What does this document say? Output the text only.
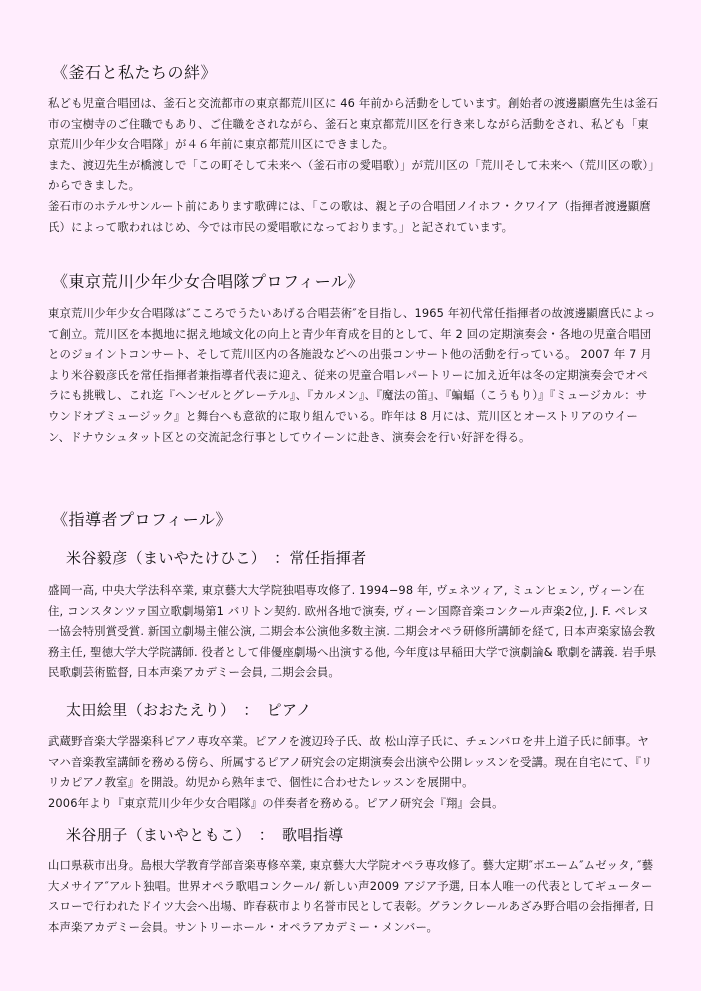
《釜石と私たちの絆》

私ども児童合唱団は、釜石と交流都市の東京都荒川区に 46 年前から活動をしています。創始者の渡邊顯麿先生は釜石市の宝樹寺のご住職でもあり、ご住職をされながら、釜石と東京都荒川区を行き来しながら活動をされ、私ども「東京荒川少年少女合唱隊」が４６年前に東京都荒川区にできました。

また、渡辺先生が橋渡しで「この町そして未来へ（釜石市の愛唱歌）」が荒川区の「荒川そして未来へ（荒川区の歌）」からできました。

釜石市のホテルサンルート前にあります歌碑には、「この歌は、親と子の合唱団ノイホフ・クワイア（指揮者渡邊顯麿氏）によって歌われはじめ、今では市民の愛唱歌になっております。」と記されています。

《東京荒川少年少女合唱隊プロフィール》

東京荒川少年少女合唱隊は″こころでうたいあげる合唱芸術″を目指し、1965 年初代常任指揮者の故渡邊顯麿氏によって創立。荒川区を本拠地に据え地域文化の向上と青少年育成を目的として、年 2 回の定期演奏会・各地の児童合唱団とのジョイントコンサート、そして荒川区内の各施設などへの出張コンサート他の活動を行っている。 2007 年 7 月より米谷毅彦氏を常任指揮者兼指導者代表に迎え、従来の児童合唱レパートリーに加え近年は冬の定期演奏会でオペラにも挑戦し、これ迄『ヘンゼルとグレーテル』、『カルメン』、『魔法の笛』、『蝙蝠（こうもり）』『ミュージカル：サウンドオブミュージック』と舞台へも意欲的に取り組んでいる。昨年は 8 月には、荒川区とオーストリアのウイーン、ドナウシュタット区との交流記念行事としてウイーンに赴き、演奏会を行い好評を得る。

《指導者プロフィール》
米谷毅彦（まいやたけひこ）　：常任指揮者
盛岡一高, 中央大学法科卒業, 東京藝大大学院独唱専攻修了. 1994−98 年, ヴェネツィア, ミュンヒェン, ヴィーン在住, コンスタンツァ国立歌劇場第1 バリトン契約. 欧州各地で演奏, ヴィーン国際音楽コンクール声楽2位, J. F. ペレヌ一協会特別賞受賞. 新国立劇場主催公演, 二期会本公演他多数主演. 二期会オペラ研修所講師を経て, 日本声楽家協会教務主任, 聖徳大学大学院講師. 役者として俳優座劇場へ出演する他, 今年度は早稲田大学で演劇論& 歌劇を講義. 岩手県民歌劇芸術監督, 日本声楽アカデミー会員, 二期会会員。
太田絵里（おおたえり）　：　ピアノ
武蔵野音楽大学器楽科ピアノ専攻卒業。ピアノを渡辺玲子氏、故 松山淳子氏に、チェンバロを井上道子氏に師事。ヤマハ音楽教室講師を務める傍ら、所属するピアノ研究会の定期演奏会出演や公開レッスンを受講。現在自宅にて、『リリカピアノ教室』を開設。幼児から熟年まで、個性に合わせたレッスンを展開中。
2006年より『東京荒川少年少女合唱隊』の伴奏者を務める。ピアノ研究会『翔』会員。
米谷朋子（まいやともこ）　：　歌唱指導
山口県萩市出身。島根大学教育学部音楽専修卒業, 東京藝大大学院オペラ専攻修了。藝大定期″ボエーム″ムゼッタ, ″藝大メサイア″アルト独唱。世界オペラ歌唱コンクール/ 新しい声2009 アジア予選, 日本人唯一の代表としてギュータースローで行われたドイツ大会へ出場、昨春萩市より名誉市民として表彰。グランクレールあざみ野合唱の会指揮者, 日本声楽アカデミー会員。サントリーホール・オペラアカデミー・メンバー。
